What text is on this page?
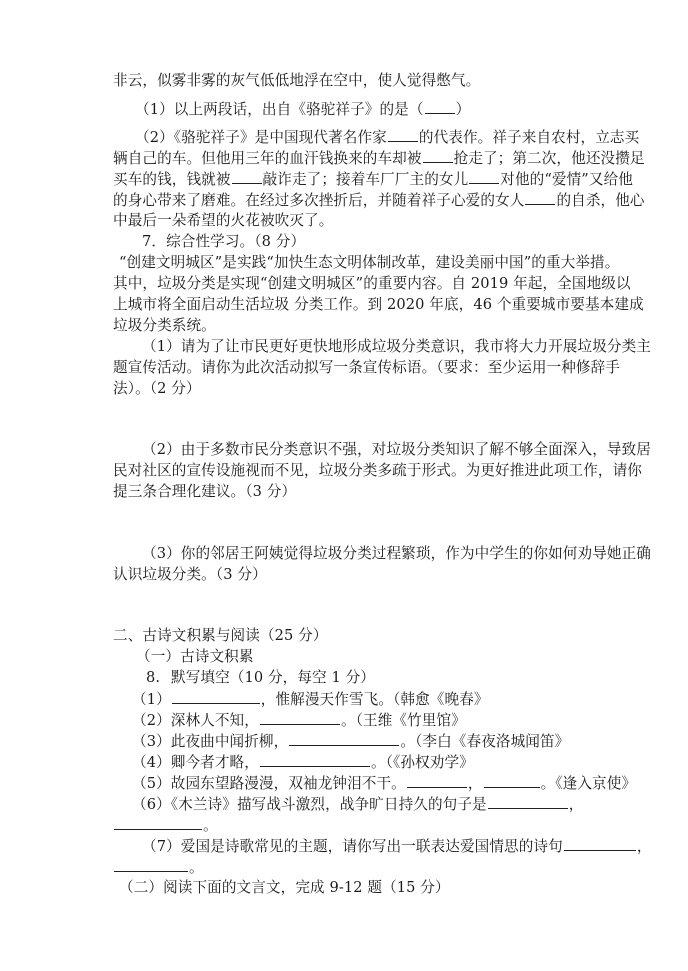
非云，似雾非雾的灰气低低地浮在空中，使人觉得憋气。
（1）以上两段话，出自《骆驼祥子》的是（ ）
（2）《骆驼祥子》是中国现代著名作家 的代表作。祥子来自农村，立志买
辆自己的车。但他用三年的血汗钱换来的车却被 抢走了；第二次，他还没攒足
买车的钱，钱就被 敲诈走了；接着车厂厂主的女儿 对他的“爱情”又给他
的身心带来了磨难。在经过多次挫折后，并随着祥子心爱的女人 的自杀，他心
中最后一朵希望的火花被吹灭了。
7．综合性学习。（8 分）
“创建文明城区”是实践“加快生态文明体制改革，建设美丽中国”的重大举措。
其中，垃圾分类是实现“创建文明城区”的重要内容。自 2019 年起，全国地级以
上城市将全面启动生活垃圾 分类工作。到 2020 年底，46 个重要城市要基本建成
垃圾分类系统。
（1）请为了让市民更好更快地形成垃圾分类意识，我市将大力开展垃圾分类主
题宣传活动。请你为此次活动拟写一条宣传标语。（要求：至少运用一种修辞手
法）。（2 分）
（2）由于多数市民分类意识不强，对垃圾分类知识了解不够全面深入，导致居
民对社区的宣传设施视而不见，垃圾分类多疏于形式。为更好推进此项工作，请你
提三条合理化建议。（3 分）
（3）你的邻居王阿姨觉得垃圾分类过程繁琐，作为中学生的你如何劝导她正确
认识垃圾分类。（3 分）
二、古诗文积累与阅读（25 分）
（一）古诗文积累
8. 默写填空（10 分，每空 1 分）
（1）	，惟解漫天作雪飞。（韩愈《晚春》
（2）深林人不知，	。（王维《竹里馆》
（3）此夜曲中闻折柳，	。（李白《春夜洛城闻笛》
（4）卿今者才略，	。（《孙权劝学》
（5）故园东望路漫漫，双袖龙钟泪不干。	，	。《逢入京使》
（6）《木兰诗》描写战斗激烈，战争旷日持久的句子是	，
。
（7）爱国是诗歌常见的主题，请你写出一联表达爱国情思的诗句	，
。
（二）阅读下面的文言文，完成 9-12 题（15 分）
